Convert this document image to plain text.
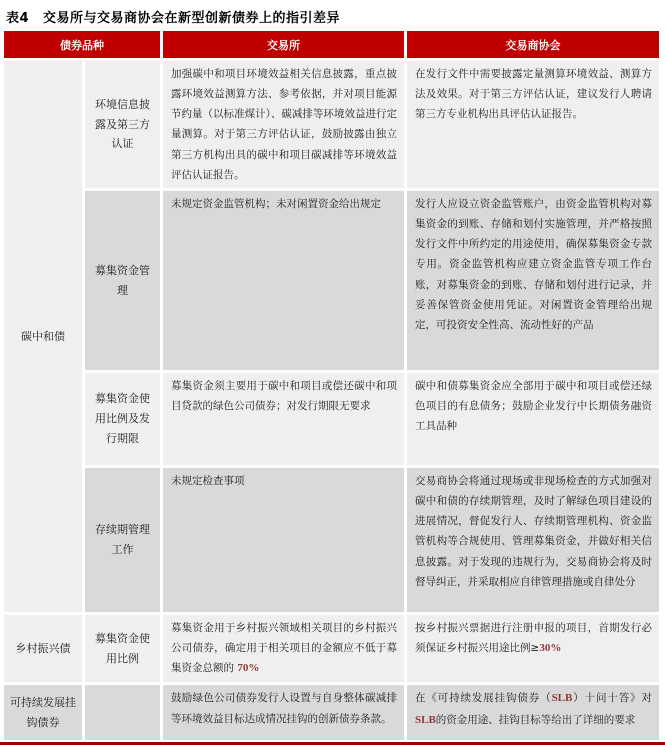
表4 交易所与交易商协会在新型创新债券上的指引差异
债券品种		交易所	交易商协会
碳中和债	环境信息披露及第三方认证	加强碳中和项目环境效益相关信息披露，重点披露环境效益测算方法、参考依据，并对项目能源节约量（以标准煤计）、碳减排等环境效益进行定量测算。对于第三方评估认证，鼓励披露由独立第三方机构出具的碳中和项目碳减排等环境效益评估认证报告。	在发行文件中需要披露定量测算环境效益、测算方法及效果。对于第三方评估认证，建议发行人聘请第三方专业机构出具评估认证报告。
	募集资金管理	未规定资金监管机构；未对闲置资金给出规定	发行人应设立资金监管账户，由资金监管机构对募集资金的到账、存储和划付实施管理，并严格按照发行文件中所约定的用途使用，确保募集资金专款专用。资金监管机构应建立资金监管专项工作台账，对募集资金的到账、存储和划付进行记录，并妥善保管资金使用凭证。对闲置资金管理给出规定，可投资安全性高、流动性好的产品
	募集资金使用比例及发行期限	募集资金须主要用于碳中和项目或偿还碳中和项目贷款的绿色公司债券；对发行期限无要求	碳中和债募集资金应全部用于碳中和项目或偿还绿色项目的有息债务；鼓励企业发行中长期债务融资工具品种
	存续期管理工作	未规定检查事项	交易商协会将通过现场或非现场检查的方式加强对碳中和债的存续期管理，及时了解绿色项目建设的进展情况，督促发行人、存续期管理机构、资金监管机构等合规使用、管理募集资金，并做好相关信息披露。对于发现的违规行为，交易商协会将及时督导纠正，并采取相应自律管理措施或自律处分
乡村振兴债	募集资金使用比例	募集资金用于乡村振兴领域相关项目的乡村振兴公司债券，确定用于相关项目的金额应不低于募集资金总额的 70%	按乡村振兴票据进行注册申报的项目，首期发行必须保证乡村振兴用途比例≥30%
可持续发展挂钩债券		鼓励绿色公司债券发行人设置与自身整体碳减排等环境效益目标达成情况挂钩的创新债券条款。	在《可持续发展挂钩债券（SLB）十问十答》对SLB的资金用途、挂钩目标等给出了详细的要求
